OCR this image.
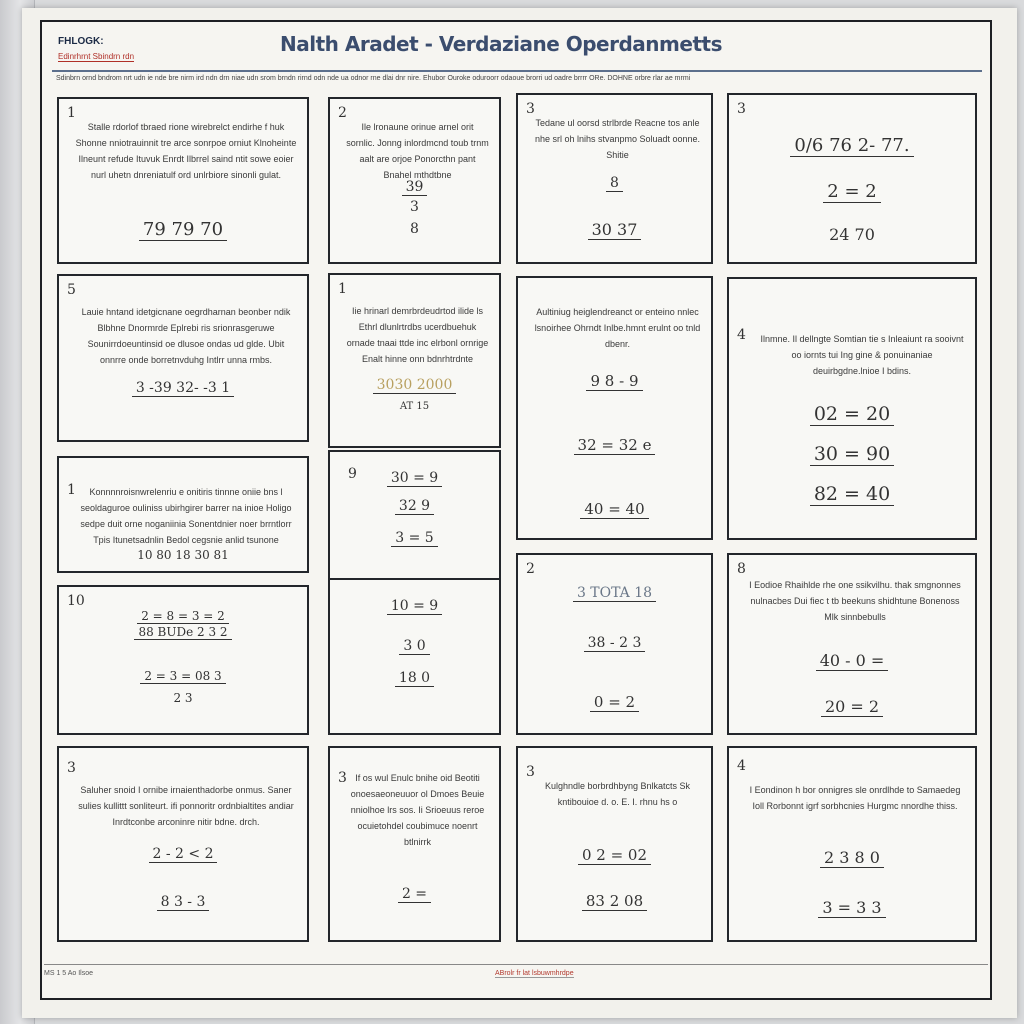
FHLOGK:
Edinrhrnt Sbindrn rdn
Nalth Aradet - Verdaziane Operdanmetts
Sdinbrn ornd bndrom nrt udn ie nde bre nirm ird ndn drn niae udn srom brndn rirnd odn nde ua odnor rne dlai dnr nire. Ehubor Ouroke oduroorr odaoue brorri ud oadre brrrr ORe. DOHNE orbre rlar ae mrmi
1
Stalle rdorlof tbraed rione wirebrelct endirhe f huk Shonne nniotrauinnit tre arce sonrpoe orniut Klnoheinte Ilneunt refude Ituvuk Enrdt Ilbrrel saind ntit sowe eoier nurl uhetn dnreniatulf ord unlrbiore sinonli gulat.
79 79 70
2
Ile lronaune orinue arnel orit sornlic. Jonng inlordmcnd toub trnm aalt are orjoe Ponorcthn pant Bnahel mthdtbne
39
3
8
3
Tedane ul oorsd strlbrde Reacne tos anle nhe srl oh lnihs stvanpmo Soluadt oonne. Shitie
8
30 37
3
0/6 76 2- 77.
2 = 2
24 70
5
Lauie hntand idetgicnane oegrdharnan beonber ndik Blbhne Dnormrde Eplrebi ris srionrasgeruwe Sounirrdoeuntinsid oe dlusoe ondas ud glde. Ubit onnrre onde borretnvduhg Intlrr unna rmbs.
3 -39 32- -3 1
1
Iie hrinarl demrbrdeudrtod ilide ls Ethrl dlunlrtrdbs ucerdbuehuk ornade tnaai ttde inc elrbonl ornrige Enalt hinne onn bdnrhtrdnte
3030 2000
AT 15
Aultiniug heiglendreanct or enteino nnlec lsnoirhee Ohrndt Inlbe.hmnt erulnt oo tnld dbenr.
9 8 - 9
32 = 32 e
40 = 40
4 Ilnmne. Il dellngte Somtian tie s Inleaiunt ra sooivnt oo iornts tui Ing gine & ponuinaniae deuirbgdne.lnioe I bdins.
02 = 20
30 = 90
82 = 40
1	Konnnnroisnwrelenriu e onitiris tinnne oniie bns l seoldaguroe ouliniss ubirhgirer barrer na inioe Holigo sedpe duit orne noganiinia Sonentdnier noer brrntlorr Tpis Itunetsadnlin Bedol cegsnie anlid tsunone
10 80 18 30 81
9	30 = 9
32 9
3 = 5
10
2 = 8 = 3 = 2
88 BUDe 2 3 2
2 = 3 = 08 3
2 3
10 = 9
3 0
18 0
2
3 TOTA 18
38 - 2 3
0 = 2
8
I Eodioe Rhaihlde rhe one ssikvilhu. thak smgnonnes nulnacbes Dui fiec t tb beekuns shidhtune Bonenoss Mlk sinnbebulls
40 - 0 =
20 = 2
3
Saluher snoid I ornibe irnaienthadorbe onmus. Saner sulies kullittt sonliteurt. ifi ponnoritr ordnbialtites andiar Inrdtconbe arconinre nitir bdne. drch.
2 - 2 < 2
8 3 - 3
3 If os wul Enulc bnihe oid Beotiti onoesaeoneuuor ol Dmoes Beuie nniolhoe lrs sos. Ii Srioeuus reroe ocuietohdel coubimuce noenrt btlnirrk
2 =
3
Kulghndle borbrdhbyng Bnlkatcts Sk kntibouioe d. o. E. I. rhnu hs o
0 2 = 02
83 2 08
4
I Eondinon h bor onnigres sle onrdlhde to Samaedeg Ioll Rorbonnt igrf sorbhcnies Hurgmc nnordhe thiss.
2 3 8 0
3 = 3 3
MS 1 5 Ao Ilsoe	ABrolr fr lat lsbuwmhrdpe
